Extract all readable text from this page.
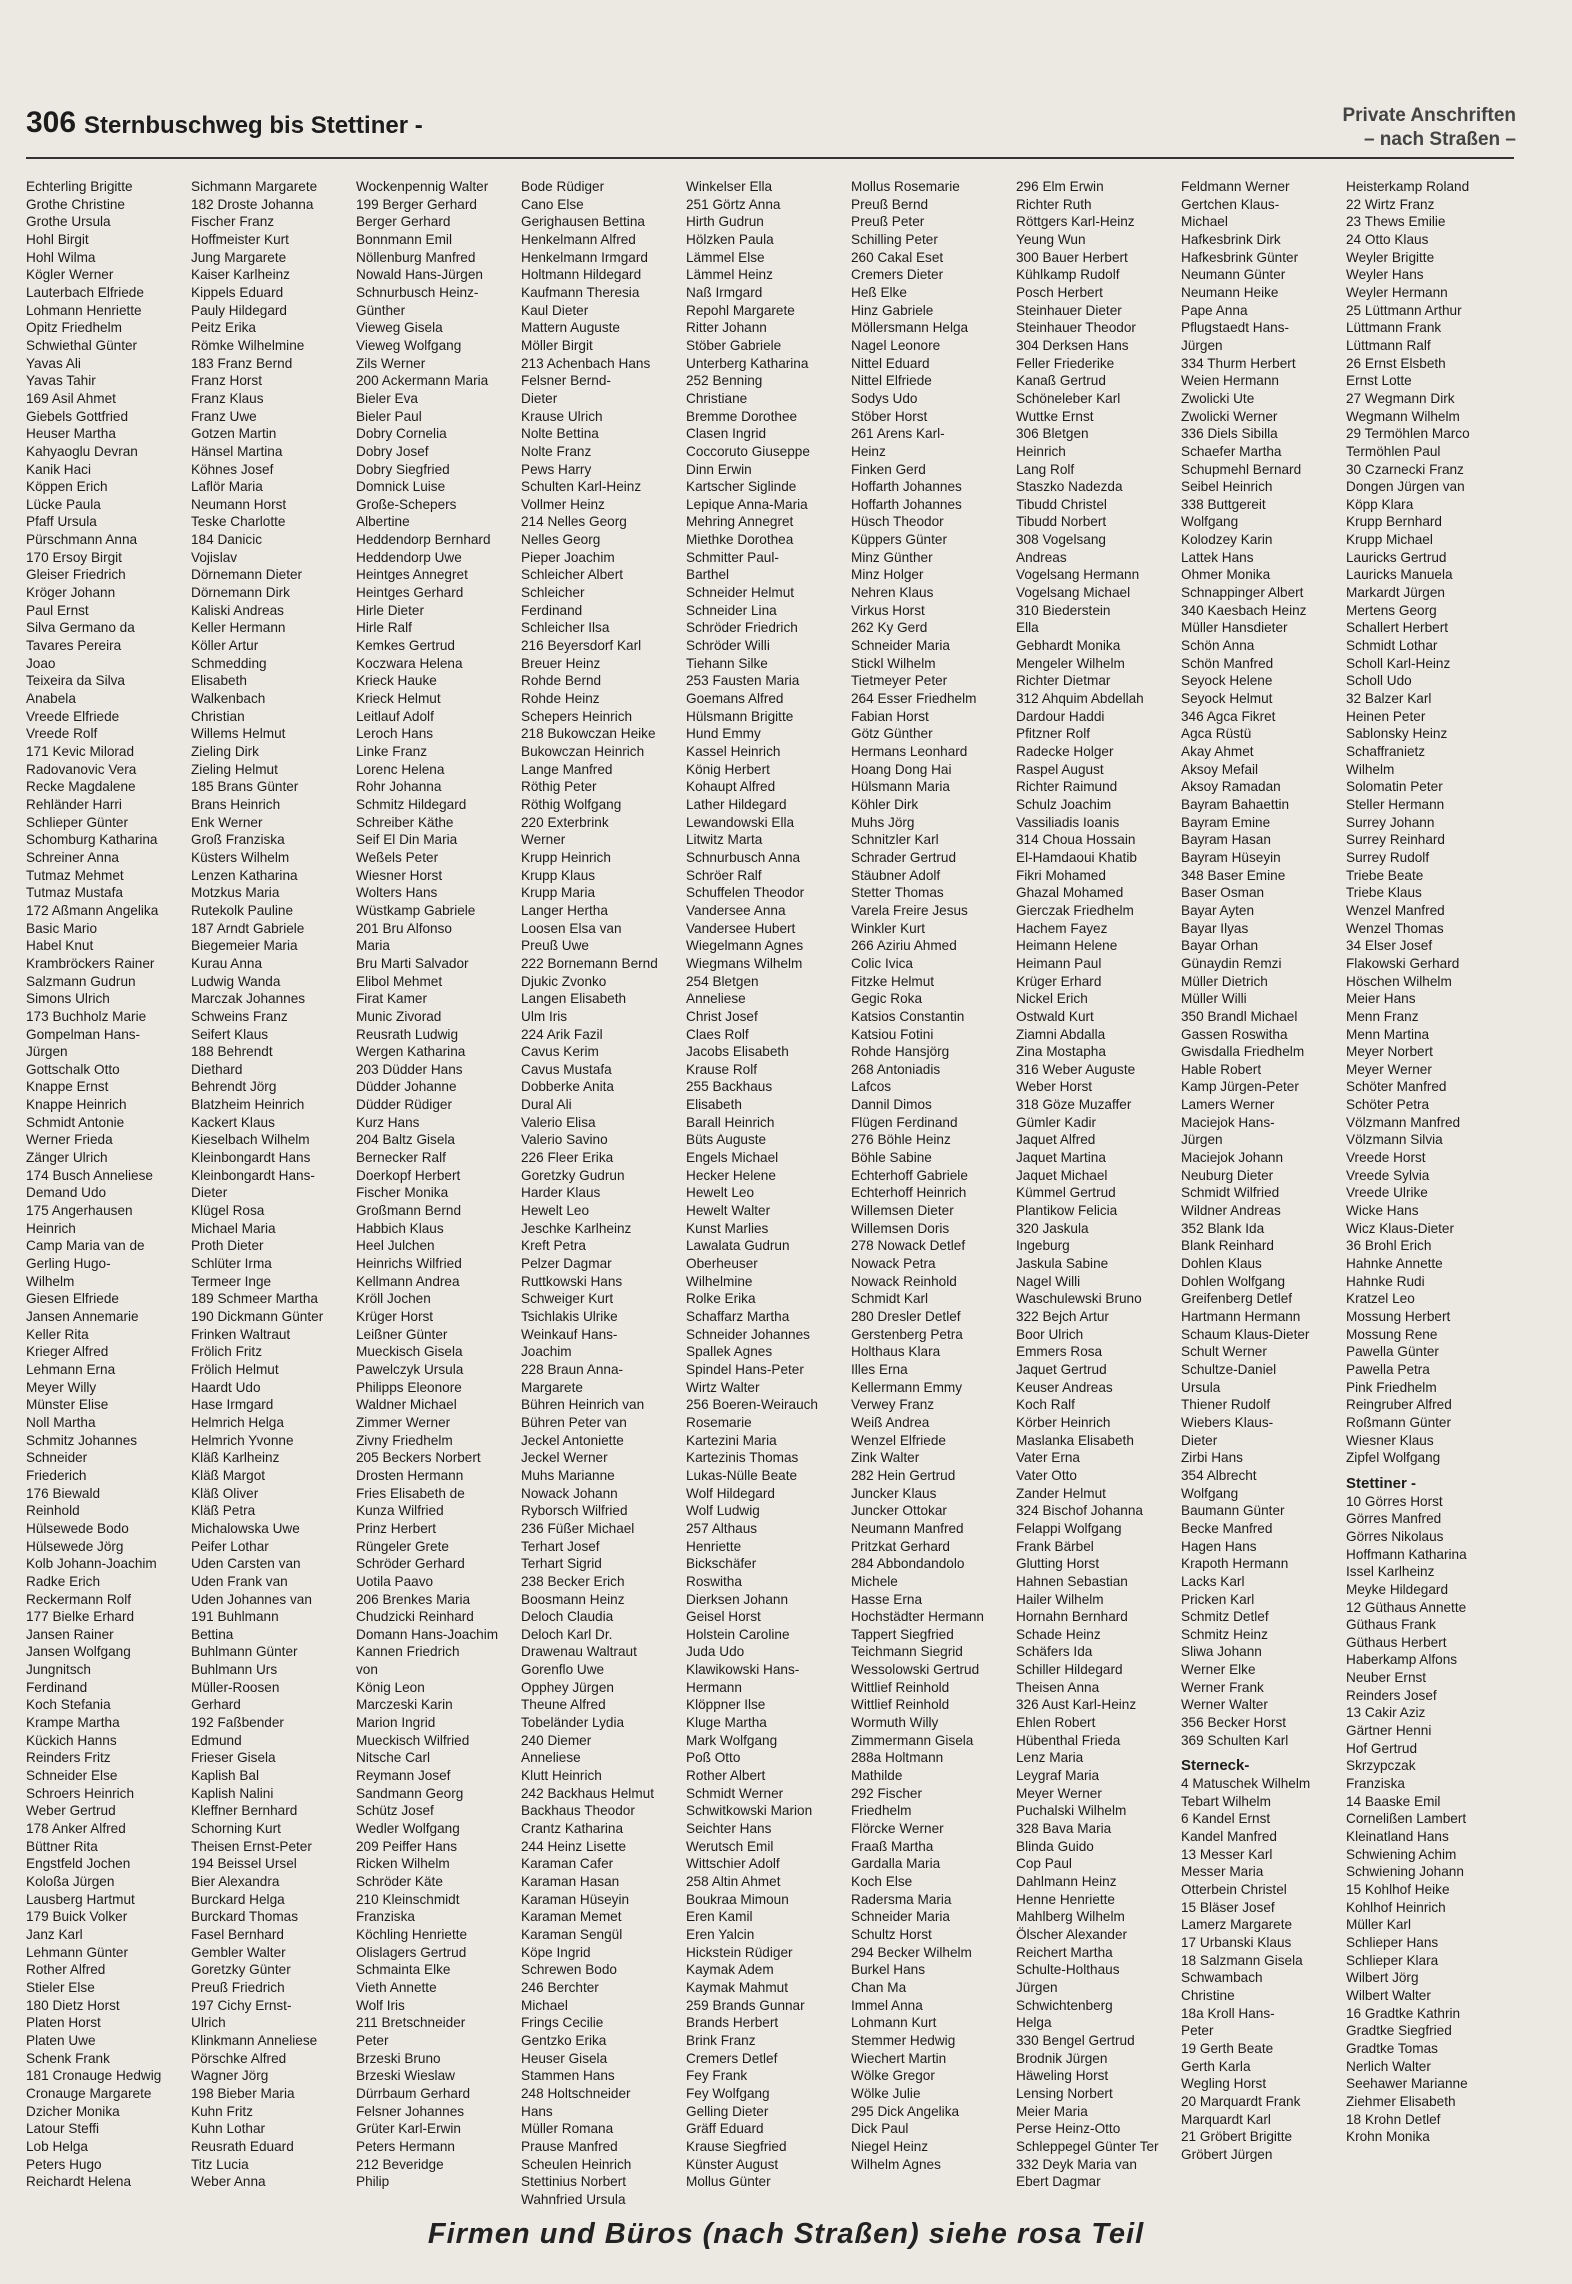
306 Sternbuschweg bis Stettiner -	Private Anschriften
– nach Straßen –
Echterling Brigitte
Grothe Christine
Grothe Ursula
Hohl Birgit
Hohl Wilma
Kögler Werner
Lauterbach Elfriede
Lohmann Henriette
Opitz Friedhelm
Schwiethal Günter
Yavas Ali
Yavas Tahir
169 Asil Ahmet
Giebels Gottfried
Heuser Martha
Kahyaoglu Devran
Kanik Haci
Köppen Erich
Lücke Paula
Pfaff Ursula
Pürschmann Anna
170 Ersoy Birgit
Gleiser Friedrich
Kröger Johann
Paul Ernst
Silva Germano da
Tavares Pereira
Joao
Teixeira da Silva
Anabela
Vreede Elfriede
Vreede Rolf
171 Kevic Milorad
Radovanovic Vera
Recke Magdalene
Rehländer Harri
Schlieper Günter
Schomburg Katharina
Schreiner Anna
Tutmaz Mehmet
Tutmaz Mustafa
172 Aßmann Angelika
Basic Mario
Habel Knut
Krambröckers Rainer
Salzmann Gudrun
Simons Ulrich
173 Buchholz Marie
Gompelman Hans-
Jürgen
Gottschalk Otto
Knappe Ernst
Knappe Heinrich
Schmidt Antonie
Werner Frieda
Zänger Ulrich
174 Busch Anneliese
Demand Udo
175 Angerhausen
Heinrich
Camp Maria van de
Gerling Hugo-
Wilhelm
Giesen Elfriede
Jansen Annemarie
Keller Rita
Krieger Alfred
Lehmann Erna
Meyer Willy
Münster Elise
Noll Martha
Schmitz Johannes
Schneider
Friederich
176 Biewald
Reinhold
Hülsewede Bodo
Hülsewede Jörg
Kolb Johann-Joachim
Radke Erich
Reckermann Rolf
177 Bielke Erhard
Jansen Rainer
Jansen Wolfgang
Jungnitsch
Ferdinand
Koch Stefania
Krampe Martha
Kückich Hanns
Reinders Fritz
Schneider Else
Schroers Heinrich
Weber Gertrud
178 Anker Alfred
Büttner Rita
Engstfeld Jochen
Koloßa Jürgen
Lausberg Hartmut
179 Buick Volker
Janz Karl
Lehmann Günter
Rother Alfred
Stieler Else
180 Dietz Horst
Platen Horst
Platen Uwe
Schenk Frank
181 Cronauge Hedwig
Cronauge Margarete
Dzicher Monika
Latour Steffi
Lob Helga
Peters Hugo
Reichardt Helena
Sichmann Margarete
182 Droste Johanna
Fischer Franz
Hoffmeister Kurt
Jung Margarete
Kaiser Karlheinz
Kippels Eduard
Pauly Hildegard
Peitz Erika
Römke Wilhelmine
183 Franz Bernd
Franz Horst
Franz Klaus
Franz Uwe
Gotzen Martin
Hänsel Martina
Köhnes Josef
Laflör Maria
Neumann Horst
Teske Charlotte
184 Danicic
Vojislav
Dörnemann Dieter
Dörnemann Dirk
Kaliski Andreas
Keller Hermann
Köller Artur
Schmedding
Elisabeth
Walkenbach
Christian
Willems Helmut
Zieling Dirk
Zieling Helmut
185 Brans Günter
Brans Heinrich
Enk Werner
Groß Franziska
Küsters Wilhelm
Lenzen Katharina
Motzkus Maria
Rutekolk Pauline
187 Arndt Gabriele
Biegemeier Maria
Kurau Anna
Ludwig Wanda
Marczak Johannes
Schweins Franz
Seifert Klaus
188 Behrendt
Diethard
Behrendt Jörg
Blatzheim Heinrich
Kackert Klaus
Kieselbach Wilhelm
Kleinbongardt Hans
Kleinbongardt Hans-
Dieter
Klügel Rosa
Michael Maria
Proth Dieter
Schlüter Irma
Termeer Inge
189 Schmeer Martha
190 Dickmann Günter
Frinken Waltraut
Frölich Fritz
Frölich Helmut
Haardt Udo
Hase Irmgard
Helmrich Helga
Helmrich Yvonne
Kläß Karlheinz
Kläß Margot
Kläß Oliver
Kläß Petra
Michalowska Uwe
Peifer Lothar
Uden Carsten van
Uden Frank van
Uden Johannes van
191 Buhlmann
Bettina
Buhlmann Günter
Buhlmann Urs
Müller-Roosen
Gerhard
192 Faßbender
Edmund
Frieser Gisela
Kaplish Bal
Kaplish Nalini
Kleffner Bernhard
Schorning Kurt
Theisen Ernst-Peter
194 Beissel Ursel
Bier Alexandra
Burckard Helga
Burckard Thomas
Fasel Bernhard
Gembler Walter
Goretzky Günter
Preuß Friedrich
197 Cichy Ernst-
Ulrich
Klinkmann Anneliese
Pörschke Alfred
Wagner Jörg
198 Bieber Maria
Kuhn Fritz
Kuhn Lothar
Reusrath Eduard
Titz Lucia
Weber Anna
Wockenpennig Walter
199 Berger Gerhard
Berger Gerhard
Bonnmann Emil
Nöllenburg Manfred
Nowald Hans-Jürgen
Schnurbusch Heinz-
Günther
Vieweg Gisela
Vieweg Wolfgang
Zils Werner
200 Ackermann Maria
Bieler Eva
Bieler Paul
Dobry Cornelia
Dobry Josef
Dobry Siegfried
Domnick Luise
Große-Schepers
Albertine
Heddendorp Bernhard
Heddendorp Uwe
Heintges Annegret
Heintges Gerhard
Hirle Dieter
Hirle Ralf
Kemkes Gertrud
Koczwara Helena
Krieck Hauke
Krieck Helmut
Leitlauf Adolf
Leroch Hans
Linke Franz
Lorenc Helena
Rohr Johanna
Schmitz Hildegard
Schreiber Käthe
Seif El Din Maria
Weßels Peter
Wiesner Horst
Wolters Hans
Wüstkamp Gabriele
201 Bru Alfonso
Maria
Bru Marti Salvador
Elibol Mehmet
Firat Kamer
Munic Zivorad
Reusrath Ludwig
Wergen Katharina
203 Düdder Hans
Düdder Johanne
Düdder Rüdiger
Kurz Hans
204 Baltz Gisela
Bernecker Ralf
Doerkopf Herbert
Fischer Monika
Großmann Bernd
Habbich Klaus
Heel Julchen
Heinrichs Wilfried
Kellmann Andrea
Kröll Jochen
Krüger Horst
Leißner Günter
Mueckisch Gisela
Pawelczyk Ursula
Philipps Eleonore
Waldner Michael
Zimmer Werner
Zivny Friedhelm
205 Beckers Norbert
Drosten Hermann
Fries Elisabeth de
Kunza Wilfried
Prinz Herbert
Rüngeler Grete
Schröder Gerhard
Uotila Paavo
206 Brenkes Maria
Chudzicki Reinhard
Domann Hans-Joachim
Kannen Friedrich
von
König Leon
Marczeski Karin
Marion Ingrid
Mueckisch Wilfried
Nitsche Carl
Reymann Josef
Sandmann Georg
Schütz Josef
Wedler Wolfgang
209 Peiffer Hans
Ricken Wilhelm
Schröder Käte
210 Kleinschmidt
Franziska
Köchling Henriette
Olislagers Gertrud
Schmainta Elke
Vieth Annette
Wolf Iris
211 Bretschneider
Peter
Brzeski Bruno
Brzeski Wieslaw
Dürrbaum Gerhard
Felsner Johannes
Grüter Karl-Erwin
Peters Hermann
212 Beveridge
Philip
Bode Rüdiger
Cano Else
Gerighausen Bettina
Henkelmann Alfred
Henkelmann Irmgard
Holtmann Hildegard
Kaufmann Theresia
Kaul Dieter
Mattern Auguste
Möller Birgit
213 Achenbach Hans
Felsner Bernd-
Dieter
Krause Ulrich
Nolte Bettina
Nolte Franz
Pews Harry
Schulten Karl-Heinz
Vollmer Heinz
214 Nelles Georg
Nelles Georg
Pieper Joachim
Schleicher Albert
Schleicher
Ferdinand
Schleicher Ilsa
216 Beyersdorf Karl
Breuer Heinz
Rohde Bernd
Rohde Heinz
Schepers Heinrich
218 Bukowczan Heike
Bukowczan Heinrich
Lange Manfred
Röthig Peter
Röthig Wolfgang
220 Exterbrink
Werner
Krupp Heinrich
Krupp Klaus
Krupp Maria
Langer Hertha
Loosen Elsa van
Preuß Uwe
222 Bornemann Bernd
Djukic Zvonko
Langen Elisabeth
Ulm Iris
224 Arik Fazil
Cavus Kerim
Cavus Mustafa
Dobberke Anita
Dural Ali
Valerio Elisa
Valerio Savino
226 Fleer Erika
Goretzky Gudrun
Harder Klaus
Hewelt Leo
Jeschke Karlheinz
Kreft Petra
Pelzer Dagmar
Ruttkowski Hans
Schweiger Kurt
Tsichlakis Ulrike
Weinkauf Hans-
Joachim
228 Braun Anna-
Margarete
Bühren Heinrich van
Bühren Peter van
Jeckel Antoniette
Jeckel Werner
Muhs Marianne
Nowack Johann
Ryborsch Wilfried
236 Füßer Michael
Terhart Josef
Terhart Sigrid
238 Becker Erich
Boosmann Heinz
Deloch Claudia
Deloch Karl Dr.
Drawenau Waltraut
Gorenflo Uwe
Opphey Jürgen
Theune Alfred
Tobeländer Lydia
240 Diemer
Anneliese
Klutt Heinrich
242 Backhaus Helmut
Backhaus Theodor
Crantz Katharina
244 Heinz Lisette
Karaman Cafer
Karaman Hasan
Karaman Hüseyin
Karaman Memet
Karaman Sengül
Köpe Ingrid
Schrewen Bodo
246 Berchter
Michael
Frings Cecilie
Gentzko Erika
Heuser Gisela
Stammen Hans
248 Holtschneider
Hans
Müller Romana
Prause Manfred
Scheulen Heinrich
Stettinius Norbert
Wahnfried Ursula
Winkelser Ella
251 Görtz Anna
Hirth Gudrun
Hölzken Paula
Lämmel Else
Lämmel Heinz
Naß Irmgard
Repohl Margarete
Ritter Johann
Stöber Gabriele
Unterberg Katharina
252 Benning
Christiane
Bremme Dorothee
Clasen Ingrid
Coccoruto Giuseppe
Dinn Erwin
Kartscher Siglinde
Lepique Anna-Maria
Mehring Annegret
Miethke Dorothea
Schmitter Paul-
Barthel
Schneider Helmut
Schneider Lina
Schröder Friedrich
Schröder Willi
Tiehann Silke
253 Fausten Maria
Goemans Alfred
Hülsmann Brigitte
Hund Emmy
Kassel Heinrich
König Herbert
Kohaupt Alfred
Lather Hildegard
Lewandowski Ella
Litwitz Marta
Schnurbusch Anna
Schröer Ralf
Schuffelen Theodor
Vandersee Anna
Vandersee Hubert
Wiegelmann Agnes
Wiegmans Wilhelm
254 Bletgen
Anneliese
Christ Josef
Claes Rolf
Jacobs Elisabeth
Krause Rolf
255 Backhaus
Elisabeth
Barall Heinrich
Büts Auguste
Engels Michael
Hecker Helene
Hewelt Leo
Hewelt Walter
Kunst Marlies
Lawalata Gudrun
Oberheuser
Wilhelmine
Rolke Erika
Schaffarz Martha
Schneider Johannes
Spallek Agnes
Spindel Hans-Peter
Wirtz Walter
256 Boeren-Weirauch
Rosemarie
Kartezini Maria
Kartezinis Thomas
Lukas-Nülle Beate
Wolf Hildegard
Wolf Ludwig
257 Althaus
Henriette
Bickschäfer
Roswitha
Dierksen Johann
Geisel Horst
Holstein Caroline
Juda Udo
Klawikowski Hans-
Hermann
Klöppner Ilse
Kluge Martha
Mark Wolfgang
Poß Otto
Rother Albert
Schmidt Werner
Schwitkowski Marion
Seichter Hans
Werutsch Emil
Wittschier Adolf
258 Altin Ahmet
Boukraa Mimoun
Eren Kamil
Eren Yalcin
Hickstein Rüdiger
Kaymak Adem
Kaymak Mahmut
259 Brands Gunnar
Brands Herbert
Brink Franz
Cremers Detlef
Fey Frank
Fey Wolfgang
Gelling Dieter
Gräff Eduard
Krause Siegfried
Künster August
Mollus Günter
Mollus Rosemarie
Preuß Bernd
Preuß Peter
Schilling Peter
260 Cakal Eset
Cremers Dieter
Heß Elke
Hinz Gabriele
Möllersmann Helga
Nagel Leonore
Nittel Eduard
Nittel Elfriede
Sodys Udo
Stöber Horst
261 Arens Karl-
Heinz
Finken Gerd
Hoffarth Johannes
Hoffarth Johannes
Hüsch Theodor
Küppers Günter
Minz Günther
Minz Holger
Nehren Klaus
Virkus Horst
262 Ky Gerd
Schneider Maria
Stickl Wilhelm
Tietmeyer Peter
264 Esser Friedhelm
Fabian Horst
Götz Günther
Hermans Leonhard
Hoang Dong Hai
Hülsmann Maria
Köhler Dirk
Muhs Jörg
Schnitzler Karl
Schrader Gertrud
Stäubner Adolf
Stetter Thomas
Varela Freire Jesus
Winkler Kurt
266 Aziriu Ahmed
Colic Ivica
Fitzke Helmut
Gegic Roka
Katsios Constantin
Katsiou Fotini
Rohde Hansjörg
268 Antoniadis
Lafcos
Dannil Dimos
Flügen Ferdinand
276 Böhle Heinz
Böhle Sabine
Echterhoff Gabriele
Echterhoff Heinrich
Willemsen Dieter
Willemsen Doris
278 Nowack Detlef
Nowack Petra
Nowack Reinhold
Schmidt Karl
280 Dresler Detlef
Gerstenberg Petra
Holthaus Klara
Illes Erna
Kellermann Emmy
Verwey Franz
Weiß Andrea
Wenzel Elfriede
Zink Walter
282 Hein Gertrud
Juncker Klaus
Juncker Ottokar
Neumann Manfred
Pritzkat Gerhard
284 Abbondandolo
Michele
Hasse Erna
Hochstädter Hermann
Tappert Siegfried
Teichmann Siegrid
Wessolowski Gertrud
Wittlief Reinhold
Wittlief Reinhold
Wormuth Willy
Zimmermann Gisela
288a Holtmann
Mathilde
292 Fischer
Friedhelm
Flörcke Werner
Fraaß Martha
Gardalla Maria
Koch Else
Radersma Maria
Schneider Maria
Schultz Horst
294 Becker Wilhelm
Burkel Hans
Chan Ma
Immel Anna
Lohmann Kurt
Stemmer Hedwig
Wiechert Martin
Wölke Gregor
Wölke Julie
295 Dick Angelika
Dick Paul
Niegel Heinz
Wilhelm Agnes
296 Elm Erwin
Richter Ruth
Röttgers Karl-Heinz
Yeung Wun
300 Bauer Herbert
Kühlkamp Rudolf
Posch Herbert
Steinhauer Dieter
Steinhauer Theodor
304 Derksen Hans
Feller Friederike
Kanaß Gertrud
Schöneleber Karl
Wuttke Ernst
306 Bletgen
Heinrich
Lang Rolf
Staszko Nadezda
Tibudd Christel
Tibudd Norbert
308 Vogelsang
Andreas
Vogelsang Hermann
Vogelsang Michael
310 Biederstein
Ella
Gebhardt Monika
Mengeler Wilhelm
Richter Dietmar
312 Ahquim Abdellah
Dardour Haddi
Pfitzner Rolf
Radecke Holger
Raspel August
Richter Raimund
Schulz Joachim
Vassiliadis Ioanis
314 Choua Hossain
El-Hamdaoui Khatib
Fikri Mohamed
Ghazal Mohamed
Gierczak Friedhelm
Hachem Fayez
Heimann Helene
Heimann Paul
Krüger Erhard
Nickel Erich
Ostwald Kurt
Ziamni Abdalla
Zina Mostapha
316 Weber Auguste
Weber Horst
318 Göze Muzaffer
Gümler Kadir
Jaquet Alfred
Jaquet Martina
Jaquet Michael
Kümmel Gertrud
Plantikow Felicia
320 Jaskula
Ingeburg
Jaskula Sabine
Nagel Willi
Waschulewski Bruno
322 Bejch Artur
Boor Ulrich
Emmers Rosa
Jaquet Gertrud
Keuser Andreas
Koch Ralf
Körber Heinrich
Maslanka Elisabeth
Vater Erna
Vater Otto
Zander Helmut
324 Bischof Johanna
Felappi Wolfgang
Frank Bärbel
Glutting Horst
Hahnen Sebastian
Hailer Wilhelm
Hornahn Bernhard
Schade Heinz
Schäfers Ida
Schiller Hildegard
Theisen Anna
326 Aust Karl-Heinz
Ehlen Robert
Hübenthal Frieda
Lenz Maria
Leygraf Maria
Meyer Werner
Puchalski Wilhelm
328 Bava Maria
Blinda Guido
Cop Paul
Dahlmann Heinz
Henne Henriette
Mahlberg Wilhelm
Ölscher Alexander
Reichert Martha
Schulte-Holthaus
Jürgen
Schwichtenberg
Helga
330 Bengel Gertrud
Brodnik Jürgen
Häweling Horst
Lensing Norbert
Meier Maria
Perse Heinz-Otto
Schleppegel Günter Ter
332 Deyk Maria van
Ebert Dagmar
Feldmann Werner
Gertchen Klaus-
Michael
Hafkesbrink Dirk
Hafkesbrink Günter
Neumann Günter
Neumann Heike
Pape Anna
Pflugstaedt Hans-
Jürgen
334 Thurm Herbert
Weien Hermann
Zwolicki Ute
Zwolicki Werner
336 Diels Sibilla
Schaefer Martha
Schupmehl Bernard
Seibel Heinrich
338 Buttgereit
Wolfgang
Kolodzey Karin
Lattek Hans
Ohmer Monika
Schnappinger Albert
340 Kaesbach Heinz
Müller Hansdieter
Schön Anna
Schön Manfred
Seyock Helene
Seyock Helmut
346 Agca Fikret
Agca Rüstü
Akay Ahmet
Aksoy Mefail
Aksoy Ramadan
Bayram Bahaettin
Bayram Emine
Bayram Hasan
Bayram Hüseyin
348 Baser Emine
Baser Osman
Bayar Ayten
Bayar Ilyas
Bayar Orhan
Günaydin Remzi
Müller Dietrich
Müller Willi
350 Brandl Michael
Gassen Roswitha
Gwisdalla Friedhelm
Hable Robert
Kamp Jürgen-Peter
Lamers Werner
Maciejok Hans-
Jürgen
Maciejok Johann
Neuburg Dieter
Schmidt Wilfried
Wildner Andreas
352 Blank Ida
Blank Reinhard
Dohlen Klaus
Dohlen Wolfgang
Greifenberg Detlef
Hartmann Hermann
Schaum Klaus-Dieter
Schult Werner
Schultze-Daniel
Ursula
Thiener Rudolf
Wiebers Klaus-
Dieter
Zirbi Hans
354 Albrecht
Wolfgang
Baumann Günter
Becke Manfred
Hagen Hans
Krapoth Hermann
Lacks Karl
Pricken Karl
Schmitz Detlef
Schmitz Heinz
Sliwa Johann
Werner Elke
Werner Frank
Werner Walter
356 Becker Horst
369 Schulten Karl
Sterneck-
4 Matuschek Wilhelm
Tebart Wilhelm
6 Kandel Ernst
Kandel Manfred
13 Messer Karl
Messer Maria
Otterbein Christel
15 Bläser Josef
Lamerz Margarete
17 Urbanski Klaus
18 Salzmann Gisela
Schwambach
Christine
18a Kroll Hans-
Peter
19 Gerth Beate
Gerth Karla
Wegling Horst
20 Marquardt Frank
Marquardt Karl
21 Gröbert Brigitte
Gröbert Jürgen
Heisterkamp Roland
22 Wirtz Franz
23 Thews Emilie
24 Otto Klaus
Weyler Brigitte
Weyler Hans
Weyler Hermann
25 Lüttmann Arthur
Lüttmann Frank
Lüttmann Ralf
26 Ernst Elsbeth
Ernst Lotte
27 Wegmann Dirk
Wegmann Wilhelm
29 Termöhlen Marco
Termöhlen Paul
30 Czarnecki Franz
Dongen Jürgen van
Köpp Klara
Krupp Bernhard
Krupp Michael
Lauricks Gertrud
Lauricks Manuela
Markardt Jürgen
Mertens Georg
Schallert Herbert
Schmidt Lothar
Scholl Karl-Heinz
Scholl Udo
32 Balzer Karl
Heinen Peter
Sablonsky Heinz
Schaffranietz
Wilhelm
Solomatin Peter
Steller Hermann
Surrey Johann
Surrey Reinhard
Surrey Rudolf
Triebe Beate
Triebe Klaus
Wenzel Manfred
Wenzel Thomas
34 Elser Josef
Flakowski Gerhard
Höschen Wilhelm
Meier Hans
Menn Franz
Menn Martina
Meyer Norbert
Meyer Werner
Schöter Manfred
Schöter Petra
Völzmann Manfred
Völzmann Silvia
Vreede Horst
Vreede Sylvia
Vreede Ulrike
Wicke Hans
Wicz Klaus-Dieter
36 Brohl Erich
Hahnke Annette
Hahnke Rudi
Kratzel Leo
Mossung Herbert
Mossung Rene
Pawella Günter
Pawella Petra
Pink Friedhelm
Reingruber Alfred
Roßmann Günter
Wiesner Klaus
Zipfel Wolfgang
Stettiner -
10 Görres Horst
Görres Manfred
Görres Nikolaus
Hoffmann Katharina
Issel Karlheinz
Meyke Hildegard
12 Güthaus Annette
Güthaus Frank
Güthaus Herbert
Haberkamp Alfons
Neuber Ernst
Reinders Josef
13 Cakir Aziz
Gärtner Henni
Hof Gertrud
Skrzypczak
Franziska
14 Baaske Emil
Cornelißen Lambert
Kleinatland Hans
Schwiening Achim
Schwiening Johann
15 Kohlhof Heike
Kohlhof Heinrich
Müller Karl
Schlieper Hans
Schlieper Klara
Wilbert Jörg
Wilbert Walter
16 Gradtke Kathrin
Gradtke Siegfried
Gradtke Tomas
Nerlich Walter
Seehawer Marianne
Ziehmer Elisabeth
18 Krohn Detlef
Krohn Monika
Firmen und Büros (nach Straßen) siehe rosa Teil
